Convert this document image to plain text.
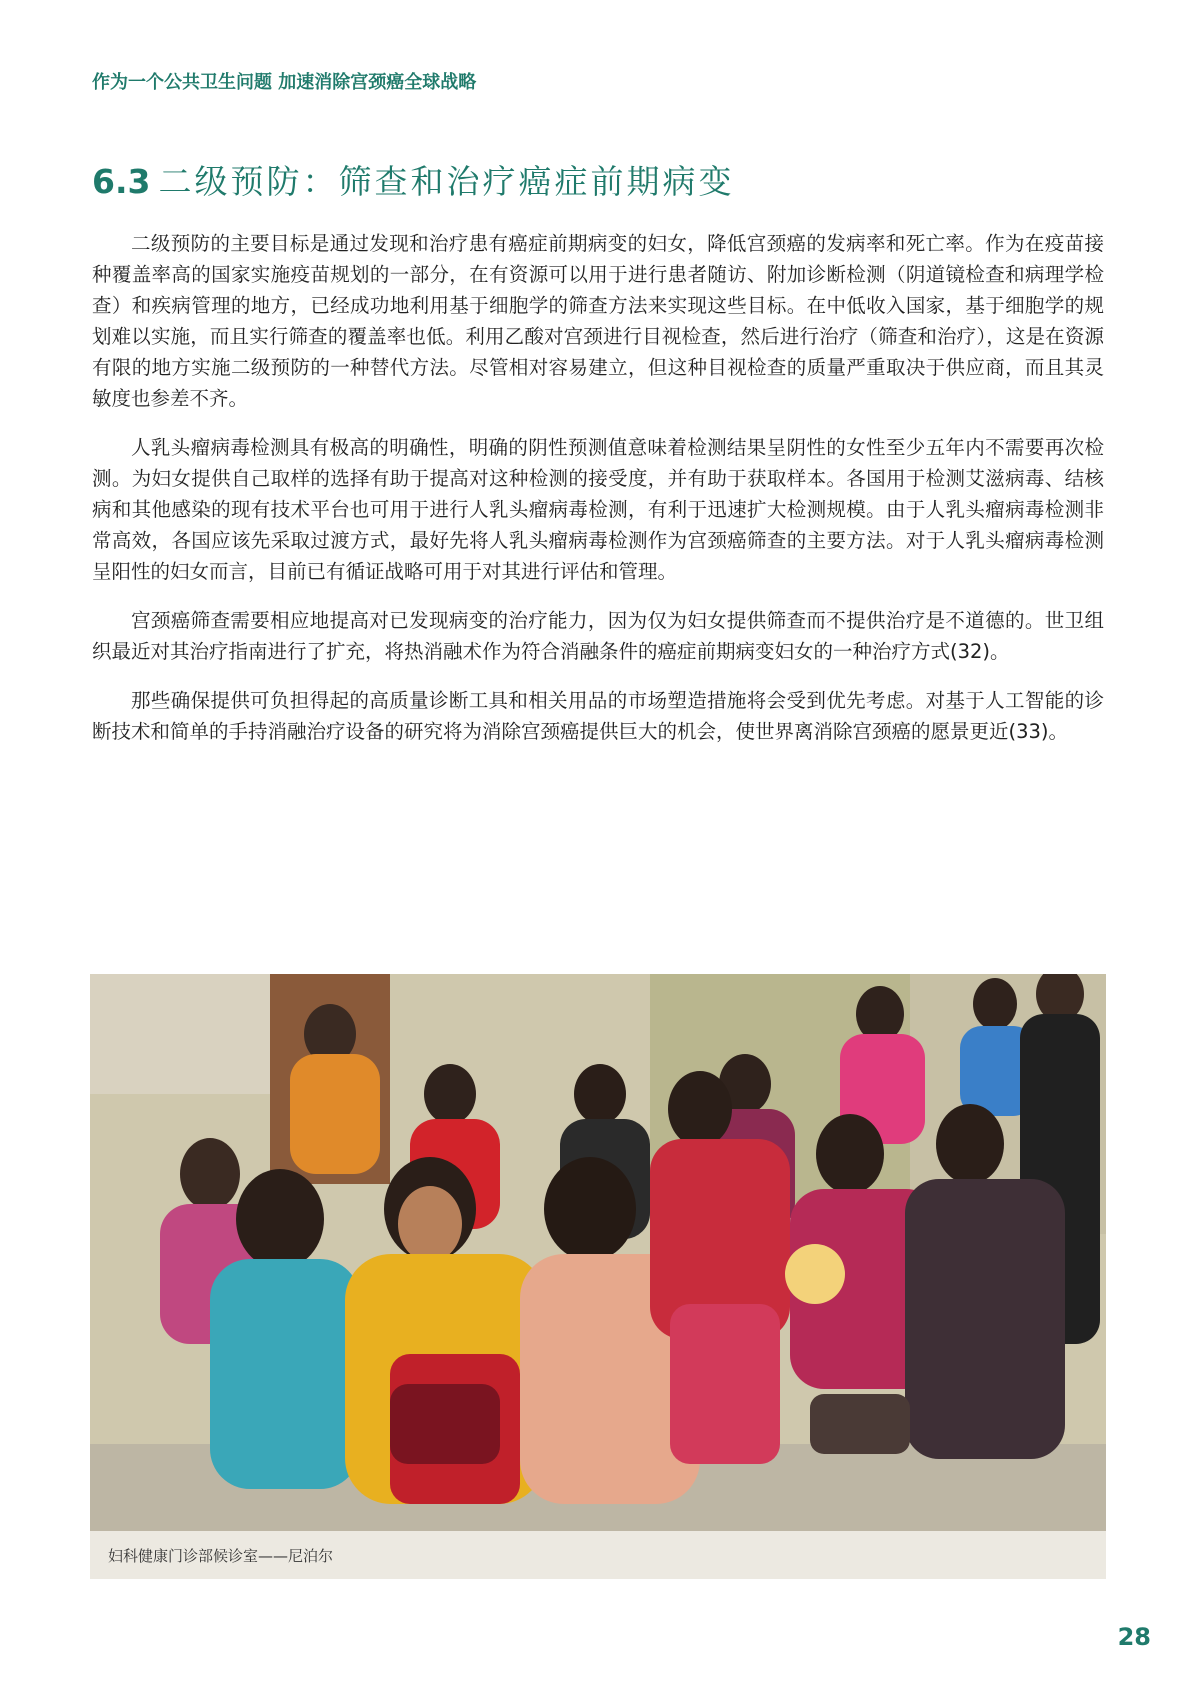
作为一个公共卫生问题 加速消除宫颈癌全球战略
6.3 二级预防：筛查和治疗癌症前期病变

二级预防的主要目标是通过发现和治疗患有癌症前期病变的妇女，降低宫颈癌的发病率和死亡率。作为在疫苗接种覆盖率高的国家实施疫苗规划的一部分，在有资源可以用于进行患者随访、附加诊断检测（阴道镜检查和病理学检查）和疾病管理的地方，已经成功地利用基于细胞学的筛查方法来实现这些目标。在中低收入国家，基于细胞学的规划难以实施，而且实行筛查的覆盖率也低。利用乙酸对宫颈进行目视检查，然后进行治疗（筛查和治疗），这是在资源有限的地方实施二级预防的一种替代方法。尽管相对容易建立，但这种目视检查的质量严重取决于供应商，而且其灵敏度也参差不齐。

人乳头瘤病毒检测具有极高的明确性，明确的阴性预测值意味着检测结果呈阴性的女性至少五年内不需要再次检测。为妇女提供自己取样的选择有助于提高对这种检测的接受度，并有助于获取样本。各国用于检测艾滋病毒、结核病和其他感染的现有技术平台也可用于进行人乳头瘤病毒检测，有利于迅速扩大检测规模。由于人乳头瘤病毒检测非常高效，各国应该先采取过渡方式，最好先将人乳头瘤病毒检测作为宫颈癌筛查的主要方法。对于人乳头瘤病毒检测呈阳性的妇女而言，目前已有循证战略可用于对其进行评估和管理。

宫颈癌筛查需要相应地提高对已发现病变的治疗能力，因为仅为妇女提供筛查而不提供治疗是不道德的。世卫组织最近对其治疗指南进行了扩充，将热消融术作为符合消融条件的癌症前期病变妇女的一种治疗方式(32)。

那些确保提供可负担得起的高质量诊断工具和相关用品的市场塑造措施将会受到优先考虑。对基于人工智能的诊断技术和简单的手持消融治疗设备的研究将为消除宫颈癌提供巨大的机会，使世界离消除宫颈癌的愿景更近(33)。

妇科健康门诊部候诊室——尼泊尔
28
